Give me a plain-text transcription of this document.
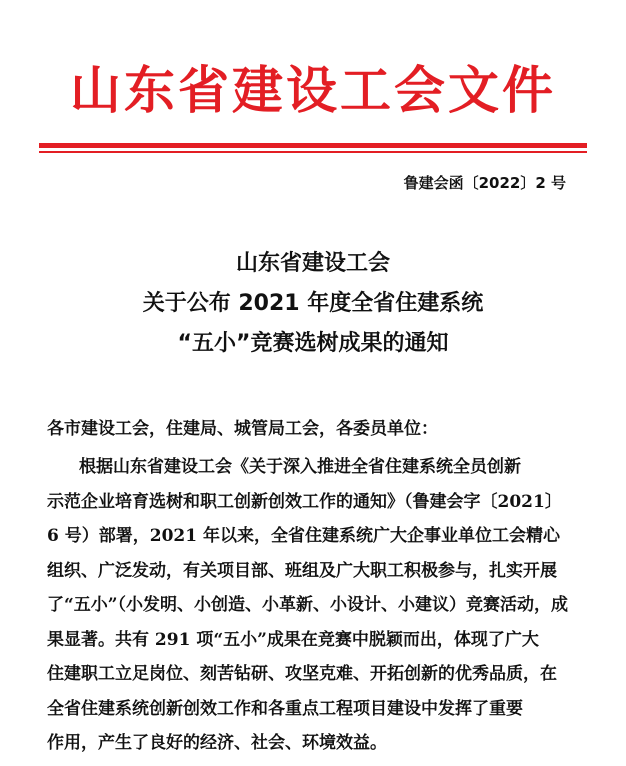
山东省建设工会文件
鲁建会函〔2022〕2 号
山东省建设工会
关于公布 2021 年度全省住建系统
“五小”竞赛选树成果的通知
各市建设工会，住建局、城管局工会，各委员单位：
根据山东省建设工会《关于深入推进全省住建系统全员创新
示范企业培育选树和职工创新创效工作的通知》（鲁建会字〔2021〕
6 号）部署，2021 年以来，全省住建系统广大企事业单位工会精心
组织、广泛发动，有关项目部、班组及广大职工积极参与，扎实开展
了“五小”（小发明、小创造、小革新、小设计、小建议）竞赛活动，成
果显著。共有 291 项“五小”成果在竞赛中脱颖而出，体现了广大
住建职工立足岗位、刻苦钻研、攻坚克难、开拓创新的优秀品质，在
全省住建系统创新创效工作和各重点工程项目建设中发挥了重要
作用，产生了良好的经济、社会、环境效益。
